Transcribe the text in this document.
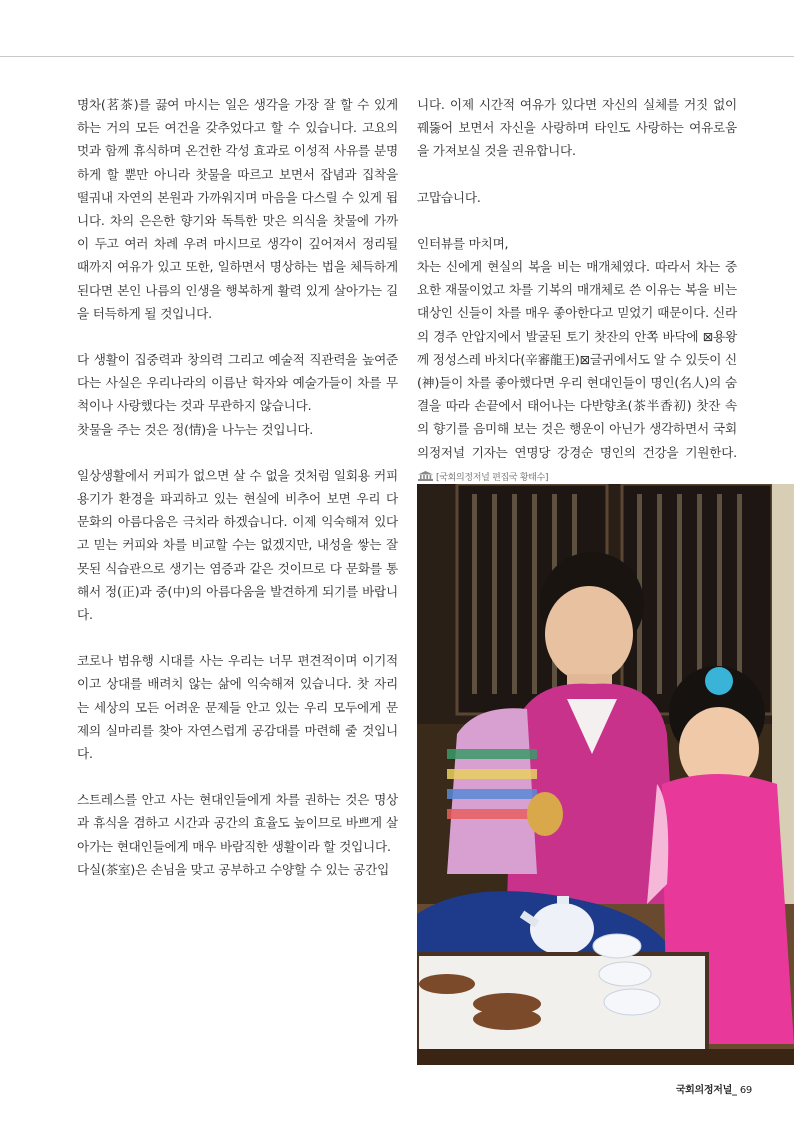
명차(茗茶)를 끓여 마시는 일은 생각을 가장 잘 할 수 있게 하는 거의 모든 여건을 갖추었다고 할 수 있습니다. 고요의 멋과 함께 휴식하며 온건한 각성 효과로 이성적 사유를 분명하게 할 뿐만 아니라 찻물을 따르고 보면서 잡념과 집착을 떨궈내 자연의 본원과 가까워지며 마음을 다스릴 수 있게 됩니다. 차의 은은한 향기와 독특한 맛은 의식을 찻물에 가까이 두고 여러 차례 우려 마시므로 생각이 깊어져서 정리될 때까지 여유가 있고 또한, 일하면서 명상하는 법을 체득하게 된다면 본인 나름의 인생을 행복하게 활력 있게 살아가는 길을 터득하게 될 것입니다.

다 생활이 집중력과 창의력 그리고 예술적 직관력을 높여준다는 사실은 우리나라의 이름난 학자와 예술가들이 차를 무척이나 사랑했다는 것과 무관하지 않습니다.

찻물을 주는 것은 정(情)을 나누는 것입니다.

일상생활에서 커피가 없으면 살 수 없을 것처럼 일회용 커피 용기가 환경을 파괴하고 있는 현실에 비추어 보면 우리 다 문화의 아름다움은 극치라 하겠습니다. 이제 익숙해져 있다고 믿는 커피와 차를 비교할 수는 없겠지만, 내성을 쌓는 잘못된 식습관으로 생기는 염증과 같은 것이므로 다 문화를 통해서 정(正)과 중(中)의 아름다움을 발견하게 되기를 바랍니다.

코로나 범유행 시대를 사는 우리는 너무 편견적이며 이기적이고 상대를 배려치 않는 삶에 익숙해져 있습니다. 찻 자리는 세상의 모든 어려운 문제들 안고 있는 우리 모두에게 문제의 실마리를 찾아 자연스럽게 공감대를 마련해 줄 것입니다.

스트레스를 안고 사는 현대인들에게 차를 권하는 것은 명상과 휴식을 겸하고 시간과 공간의 효율도 높이므로 바쁘게 살아가는 현대인들에게 매우 바람직한 생활이라 할 것입니다.

다실(茶室)은 손님을 맞고 공부하고 수양할 수 있는 공간입

니다. 이제 시간적 여유가 있다면 자신의 실체를 거짓 없이 꿰뚫어 보면서 자신을 사랑하며 타인도 사랑하는 여유로움을 가져보실 것을 권유합니다.

고맙습니다.

인터뷰를 마치며,

차는 신에게 현실의 복을 비는 매개체였다. 따라서 차는 중요한 재물이었고 차를 기복의 매개체로 쓴 이유는 복을 비는 대상인 신들이 차를 매우 좋아한다고 믿었기 때문이다. 신라의 경주 안압지에서 발굴된 토기 찻잔의 안쪽 바닥에 ⊠용왕께 정성스레 바치다(辛審龍王)⊠글귀에서도 알 수 있듯이 신(神)들이 차를 좋아했다면 우리 현대인들이 명인(名人)의 숨결을 따라 손끝에서 태어나는 다반향초(茶半香初) 찻잔 속의 향기를 음미해 보는 것은 행운이 아닌가 생각하면서 국회의정저널 기자는 연명당 강경순 명인의 건강을 기원한다. [국회의정저널 편집국 황태수]

국회의정저널_ 69
